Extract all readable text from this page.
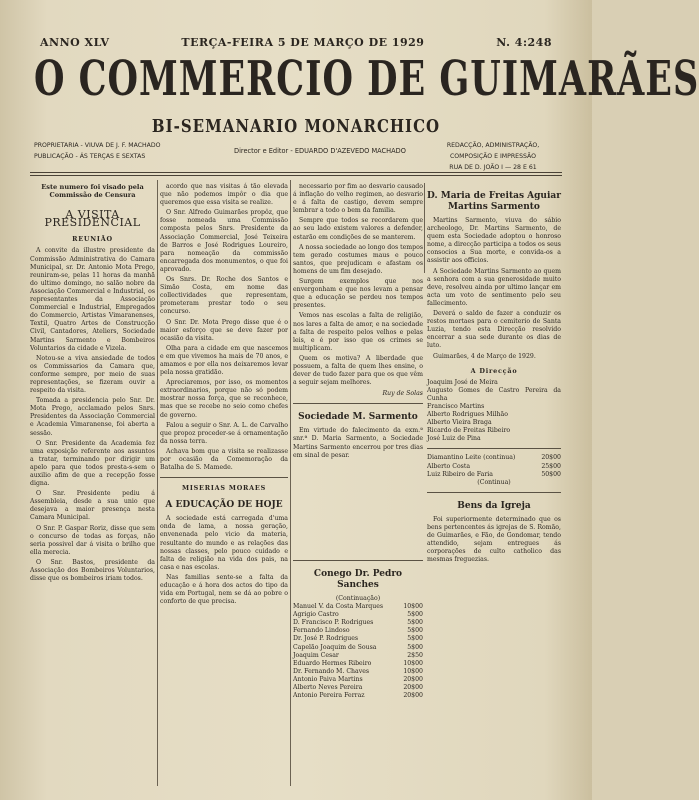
ANNO XLV	TERÇA-FEIRA 5 DE MARÇO DE 1929	N. 4:248
O COMMERCIO DE GUIMARÃES
BI-SEMANARIO MONARCHICO
PROPRIETARIA - VIUVA DE J. F. MACHADO
PUBLICAÇÃO - ÁS TERÇAS E SEXTAS
Director e Editor - EDUARDO D'AZEVEDO MACHADO
REDACÇÃO, ADMINISTRAÇÃO, COMPOSIÇÃO E IMPRESSÃO
RUA DE D. JOÃO I — 28 E 61
Este numero foi visado pela Commissão de Censura
A VISITA PRESIDENCIAL
REUNIÃO

A convite da illustre presidente da Commissão Administrativa do Camara Municipal, sr. Dr. Antonio Mota Prego, reuniram-se, pelas 11 horas da manhã do ultimo domingo, no salão nobre da Associação Commercial e Industrial, os representantes da Associação Commercial e Industrial, Empregados do Commercio, Artistas Vimaranenses, Textil, Quatro Artes de Construcção Civil, Cantadores, Ateliers, Sociedade Martins Sarmento e Bombeiros Voluntarios da cidade e Vizela.

Notou-se a viva ansiedade de todos os Commissarios da Camara que, conforme sempre, por meio de suas representações, se fizeram ouvir a respeito da visita.

Tomada a presidencia pelo Snr. Dr. Mota Prego, acclamado pelos Snrs. Presidentes da Associação Commercial e Academia Vimaranense, foi aberta a sessão.

O Snr. Presidente da Academia fez uma exposição referente aos assuntos a tratar, terminando por dirigir um apelo para que todos presta-s-sem o auxilio afim de que a recepção fosse digna.

O Snr. Presidente pediu á Assembleia, desde a sua unio que desejava a maior presença nesta Camara Municipal.

O Snr. P. Gaspar Roriz, disse que sem o concurso de todas as forças, não seria possivel dar á visita o brilho que ella merecia.

O Snr. Bastos, presidente da Associação dos Bombeiros Voluntarios, disse que os bombeiros iriam todos.

acordo que nas visitas á tão elevada que não podemos impôr o dia que queremos que essa visita se realize.

O Snr. Alfredo Guimarães propôz, que fosse nomeada uma Commissão composta pelos Snrs. Presidente da Associação Commercial, José Teixeira de Barros e José Rodrigues Loureiro, para nomeação da commissão encarregada dos monumentos, o que foi aprovado.

Os Snrs. Dr. Roche dos Santos e Simão Costa, em nome das collectividades que representam, prometeram prestar todo o seu concurso.

O Snr. Dr. Mota Prego disse que é o maior esforço que se deve fazer por ocasião da visita.

Olha para a cidade em que nascemos e em que vivemos ha mais de 70 anos, e amamos e por ella nos deixaremos levar pela nossa gratidão.

Apreciaremos, por isso, os momentos extraordinarios, porque não só podem mostrar nossa força, que se reconhece, mas que se recebe no seio como chefes de governo.

Falou a seguir o Snr. A. L. de Carvalho que propoz proceder-se á ornamentação da nossa terra.

Achava bom que a visita se realizasse por ocasião da Comemoração da Batalha de S. Mamede.

MISERIAS MORAES
A EDUCAÇÃO DE HOJE

A sociedade está carregada d'uma onda de lama, a nossa geração, envenenada pelo vicio da materia, resultante do mundo e as relações das nossas classes, pelo pouco cuidado e falta de religião na vida dos pais, na casa e nas escolas.

Nas familias sente-se a falta da educação e á hora dos actos do tipo da vida em Portugal, nem se dá ao pobre o conforto de que precisa.

necessario por fim ao desvario causado á inflação do velho regimen, ao desvario e á falta de castigo, devem sempre lembrar a todo o bem da familia.

Sempre que todos se recordarem que ao seu lado existem valores a defender, estarão em condições de se manterem.

A nossa sociedade ao longo dos tempos tem gerado costumes maus e pouco santos, que prejudicam e afastam os homens de um fim desejado.

Surgem exemplos que nos envergonham e que nos levam a pensar que a educação se perdeu nos tempos presentes.

Vemos nas escolas a falta de religião, nos lares a falta de amor, e na sociedade a falta de respeito pelos velhos e pelas leis, e é por isso que os crimes se multiplicam.

Quem os motiva? A liberdade que possuem, a falta de quem lhes ensine, o dever de tudo fazer para que os que vêm a seguir sejam melhores.

Ruy de Solas
Sociedade M. Sarmento

Em virtude do falecimento da exm.ª snr.ª D. Maria Sarmento, a Sociedade Martins Sarmento encerrou por tres dias em sinal de pesar.

D. Maria de Freitas Aguiar Martins Sarmento

Martins Sarmento, viuva do sábio archeologo, Dr. Martins Sarmento, de quem esta Sociedade adoptou o honroso nome, a direcção participa a todos os seus consocios a Sua morte, e convida-os a assistir aos officios.

A Sociedade Martins Sarmento ao quem a senhora com a sua generosidade muito deve, resolveu ainda por ultimo lançar em acta um voto de sentimento pelo seu fallecimento.

Deverá o saldo de fazer a conduzir os restos mortaes para o cemiterio de Santa Luzia, tendo esta Direcção resolvido encerrar a sua sede durante os dias de luto.

Guimarães, 4 de Março de 1929.

A Direcção
Joaquim José de Meira
Augusto Gomes de Castro Pereira da Cunha
Francisco Martins
Alberto Rodrigues Milhão
Alberto Vieira Braga
Ricardo de Freitas Ribeiro
José Luiz de Pina
Diamantino Leite (continua)	20$00
Alberto Costa	25$00
Luiz Ribeiro de Faria	50$00
(Continua)
Bens da Igreja

Foi superiormente determinado que os bens pertencentes ás igrejas de S. Romão, de Guimarães, e Fão, de Gondomar, tendo attendido, sejam entregues ás corporações de culto catholico das mesmas freguezias.

Conego Dr. Pedro Sanches
(Continuação)
Manuel V. da Costa Marques	10$00
Agrigio Castro	5$00
D. Francisco P. Rodrigues	5$00
Fernando Lindoso	5$00
Dr. José P. Rodrigues	5$00
Capelão Joaquim de Sousa	5$00
Joaquim Cesar	2$50
Eduardo Hermes Ribeiro	10$00
Dr. Fernando M. Chaves	10$00
Antonio Paiva Martins	20$00
Alberto Neves Pereira	20$00
Antonio Pereira Ferraz	20$00
